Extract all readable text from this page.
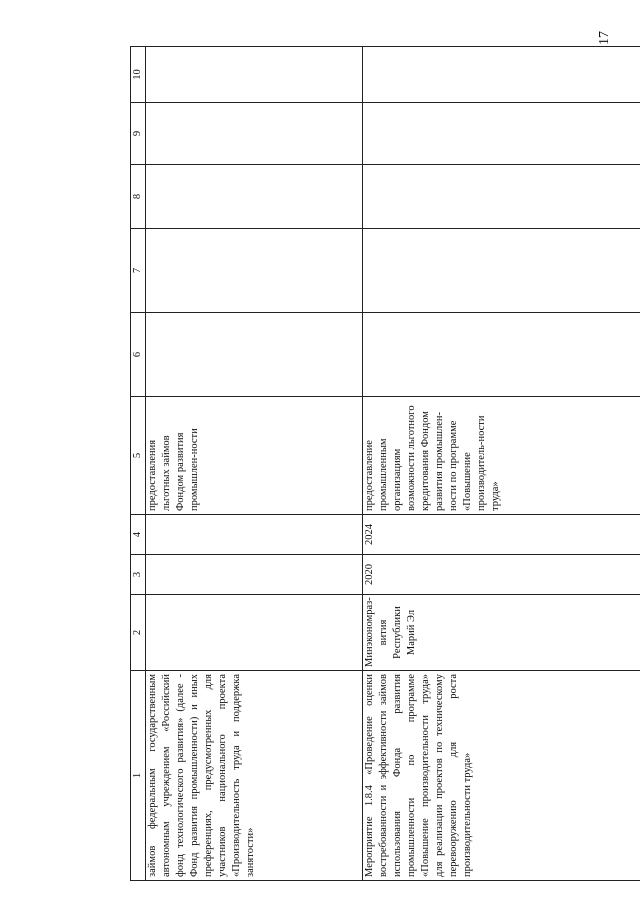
17
1	2	3	4	5	6	7	8	9	10
займов федеральным государственным автономным учреждением «Российский фонд технологического развития» (далее - Фонд развития промышленности) и иных преференциях, предусмотренных для участников национального проекта «Производительность труда и поддержка занятости»				предоставления льготных займов Фондом развития промышлен-ности					
Мероприятие 1.8.4 «Проведение оценки востребованности и эффективности займов использования Фонда развития промышленности по программе «Повышение производительности труда» для реализации проектов по техническому перевооружению для роста производительности труда»	Минэкономраз-вития Республики Марий Эл	2020	2024	предоставление промышленным организациям возможности льготного кредитования Фондом развития промышлен-ности по программе «Повышение производитель-ности труда»					
